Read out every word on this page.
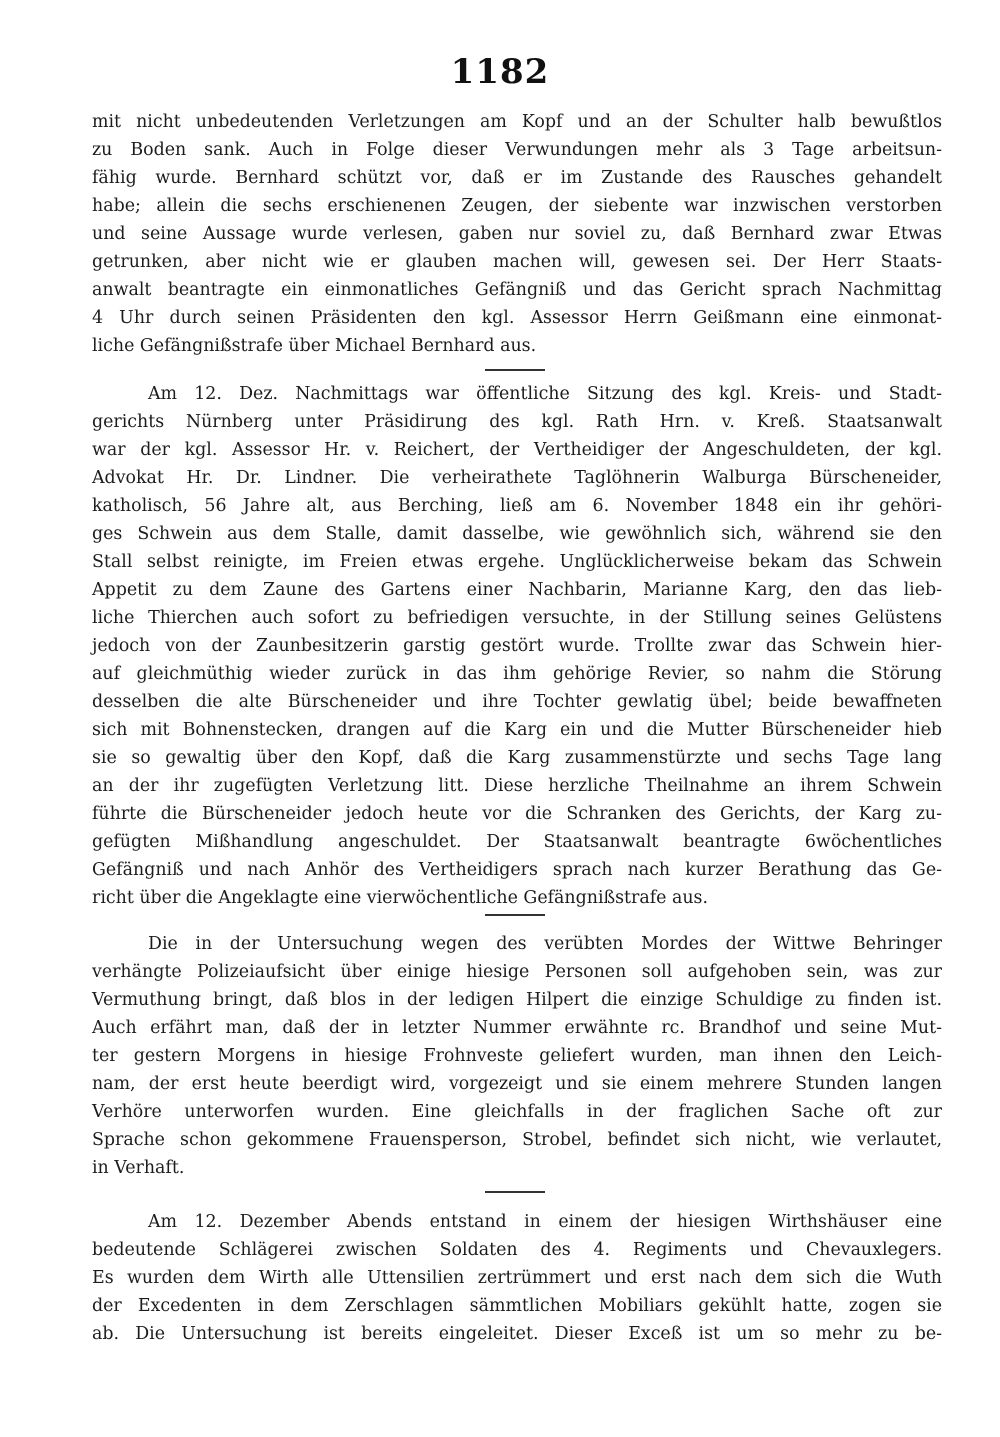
1182
mit nicht unbedeutenden Verletzungen am Kopf und an der Schulter halb bewußtlos
zu Boden sank. Auch in Folge dieser Verwundungen mehr als 3 Tage arbeitsun-
fähig wurde. Bernhard schützt vor, daß er im Zustande des Rausches gehandelt
habe; allein die sechs erschienenen Zeugen, der siebente war inzwischen verstorben
und seine Aussage wurde verlesen, gaben nur soviel zu, daß Bernhard zwar Etwas
getrunken, aber nicht wie er glauben machen will, gewesen sei. Der Herr Staats-
anwalt beantragte ein einmonatliches Gefängniß und das Gericht sprach Nachmittag
4 Uhr durch seinen Präsidenten den kgl. Assessor Herrn Geißmann eine einmonat-
liche Gefängnißstrafe über Michael Bernhard aus.
Am 12. Dez. Nachmittags war öffentliche Sitzung des kgl. Kreis- und Stadt-
gerichts Nürnberg unter Präsidirung des kgl. Rath Hrn. v. Kreß. Staatsanwalt
war der kgl. Assessor Hr. v. Reichert, der Vertheidiger der Angeschuldeten, der kgl.
Advokat Hr. Dr. Lindner. Die verheirathete Taglöhnerin Walburga Bürscheneider,
katholisch, 56 Jahre alt, aus Berching, ließ am 6. November 1848 ein ihr gehöri-
ges Schwein aus dem Stalle, damit dasselbe, wie gewöhnlich sich, während sie den
Stall selbst reinigte, im Freien etwas ergehe. Unglücklicherweise bekam das Schwein
Appetit zu dem Zaune des Gartens einer Nachbarin, Marianne Karg, den das lieb-
liche Thierchen auch sofort zu befriedigen versuchte, in der Stillung seines Gelüstens
jedoch von der Zaunbesitzerin garstig gestört wurde. Trollte zwar das Schwein hier-
auf gleichmüthig wieder zurück in das ihm gehörige Revier, so nahm die Störung
desselben die alte Bürscheneider und ihre Tochter gewlatig übel; beide bewaffneten
sich mit Bohnenstecken, drangen auf die Karg ein und die Mutter Bürscheneider hieb
sie so gewaltig über den Kopf, daß die Karg zusammenstürzte und sechs Tage lang
an der ihr zugefügten Verletzung litt. Diese herzliche Theilnahme an ihrem Schwein
führte die Bürscheneider jedoch heute vor die Schranken des Gerichts, der Karg zu-
gefügten Mißhandlung angeschuldet. Der Staatsanwalt beantragte 6wöchentliches
Gefängniß und nach Anhör des Vertheidigers sprach nach kurzer Berathung das Ge-
richt über die Angeklagte eine vierwöchentliche Gefängnißstrafe aus.
Die in der Untersuchung wegen des verübten Mordes der Wittwe Behringer
verhängte Polizeiaufsicht über einige hiesige Personen soll aufgehoben sein, was zur
Vermuthung bringt, daß blos in der ledigen Hilpert die einzige Schuldige zu finden ist.
Auch erfährt man, daß der in letzter Nummer erwähnte rc. Brandhof und seine Mut-
ter gestern Morgens in hiesige Frohnveste geliefert wurden, man ihnen den Leich-
nam, der erst heute beerdigt wird, vorgezeigt und sie einem mehrere Stunden langen
Verhöre unterworfen wurden. Eine gleichfalls in der fraglichen Sache oft zur
Sprache schon gekommene Frauensperson, Strobel, befindet sich nicht, wie verlautet,
in Verhaft.
Am 12. Dezember Abends entstand in einem der hiesigen Wirthshäuser eine
bedeutende Schlägerei zwischen Soldaten des 4. Regiments und Chevauxlegers.
Es wurden dem Wirth alle Uttensilien zertrümmert und erst nach dem sich die Wuth
der Excedenten in dem Zerschlagen sämmtlichen Mobiliars gekühlt hatte, zogen sie
ab. Die Untersuchung ist bereits eingeleitet. Dieser Exceß ist um so mehr zu be-
